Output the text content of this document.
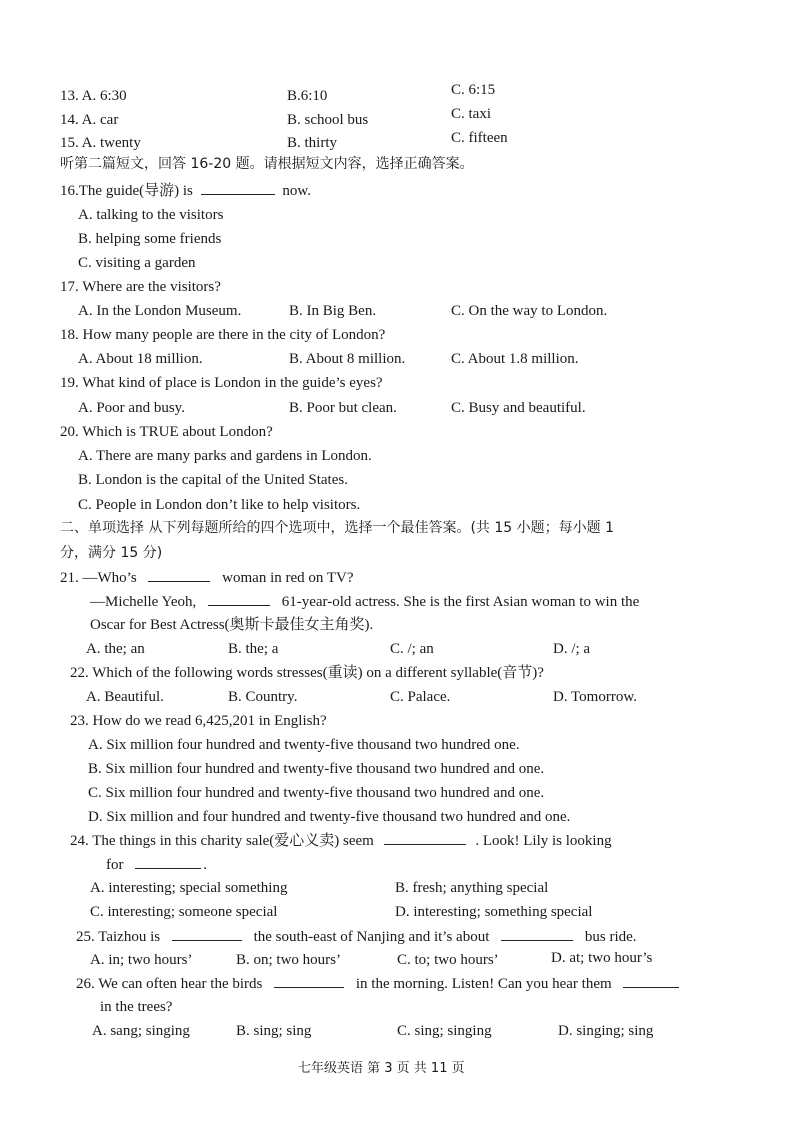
13. A. 6:30	B.6:10	C. 6:15
14. A. car	B. school bus	C. taxi
15. A. twenty	B. thirty	C. fifteen
听第二篇短文，回答 16-20 题。请根据短文内容，选择正确答案。
16.The guide(导游) is	now.
A. talking to the visitors
B. helping some friends
C. visiting a garden
17. Where are the visitors?
A. In the London Museum.	B. In Big Ben.	C. On the way to London.
18. How many people are there in the city of London?
A. About 18 million.	B. About 8 million.	C. About 1.8 million.
19. What kind of place is London in the guide’s eyes?
A. Poor and busy.	B. Poor but clean.	C. Busy and beautiful.
20. Which is TRUE about London?
A. There are many parks and gardens in London.
B. London is the capital of the United States.
C. People in London don’t like to help visitors.
二、单项选择 从下列每题所给的四个选项中，选择一个最佳答案。(共 15 小题；每小题 1
分，满分 15 分)
21. —Who’s	woman in red on TV?
—Michelle Yeoh,	61-year-old actress. She is the first Asian woman to win the
Oscar for Best Actress(奥斯卡最佳女主角奖).
A. the; an	B. the; a	C. /; an	D. /; a
22. Which of the following words stresses(重读) on a different syllable(音节)?
A. Beautiful.	B. Country.	C. Palace.	D. Tomorrow.
23. How do we read 6,425,201 in English?
A. Six million four hundred and twenty-five thousand two hundred one.
B. Six million four hundred and twenty-five thousand two hundred and one.
C. Six million four hundred and twenty-five thousand two hundred and one.
D. Six million and four hundred and twenty-five thousand two hundred and one.
24. The things in this charity sale(爱心义卖) seem	. Look! Lily is looking
for	.
A. interesting; special something	B. fresh; anything special
C. interesting; someone special	D. interesting; something special
25. Taizhou is	the south-east of Nanjing and it’s about	bus ride.
A. in; two hours’	B. on; two hours’	C. to; two hours’	D. at; two hour’s
26. We can often hear the birds	in the morning. Listen! Can you hear them
in the trees?
A. sang; singing	B. sing; sing	C. sing; singing	D. singing; sing
七年级英语 第 3 页 共 11 页
